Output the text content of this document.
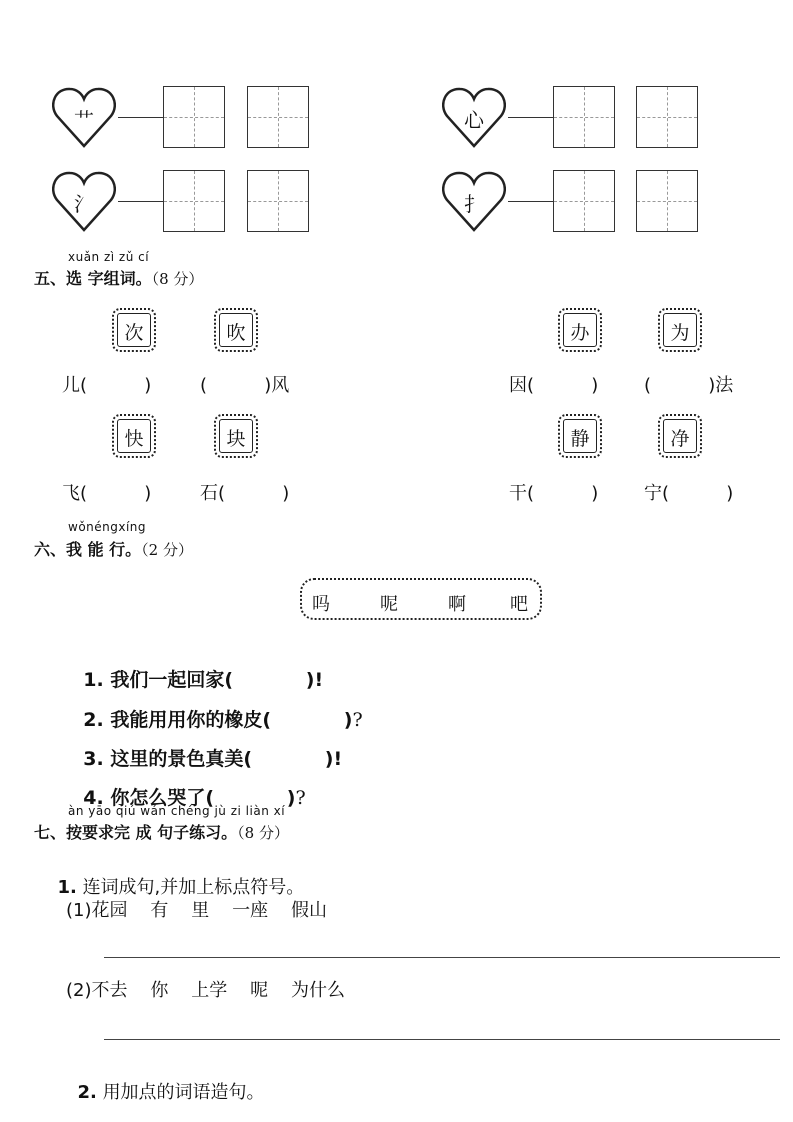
艹	心
氵	扌
xuǎn zì zǔ cí
五、选 字组词。（8 分）
次	吹	办	为
儿(          )	(          )风	因(          )	(          )法
快	块	静	净
飞(          )	石(          )	干(          )	宁(          )
wǒnéngxíng
六、我 能 行。（2 分）
吗	呢	啊 吧

1. 我们一起回家(           )!

2. 我能用用你的橡皮(           )?

3. 这里的景色真美(           )!

4. 你怎么哭了(           )?

àn yāo qiú wán chéng jù zi liàn xí
七、按要求完 成 句子练习。（8 分）

1. 连词成句,并加上标点符号。

(1)花园    有    里    一座    假山
(2)不去    你    上学    呢    为什么

2. 用加点的词语造句。
